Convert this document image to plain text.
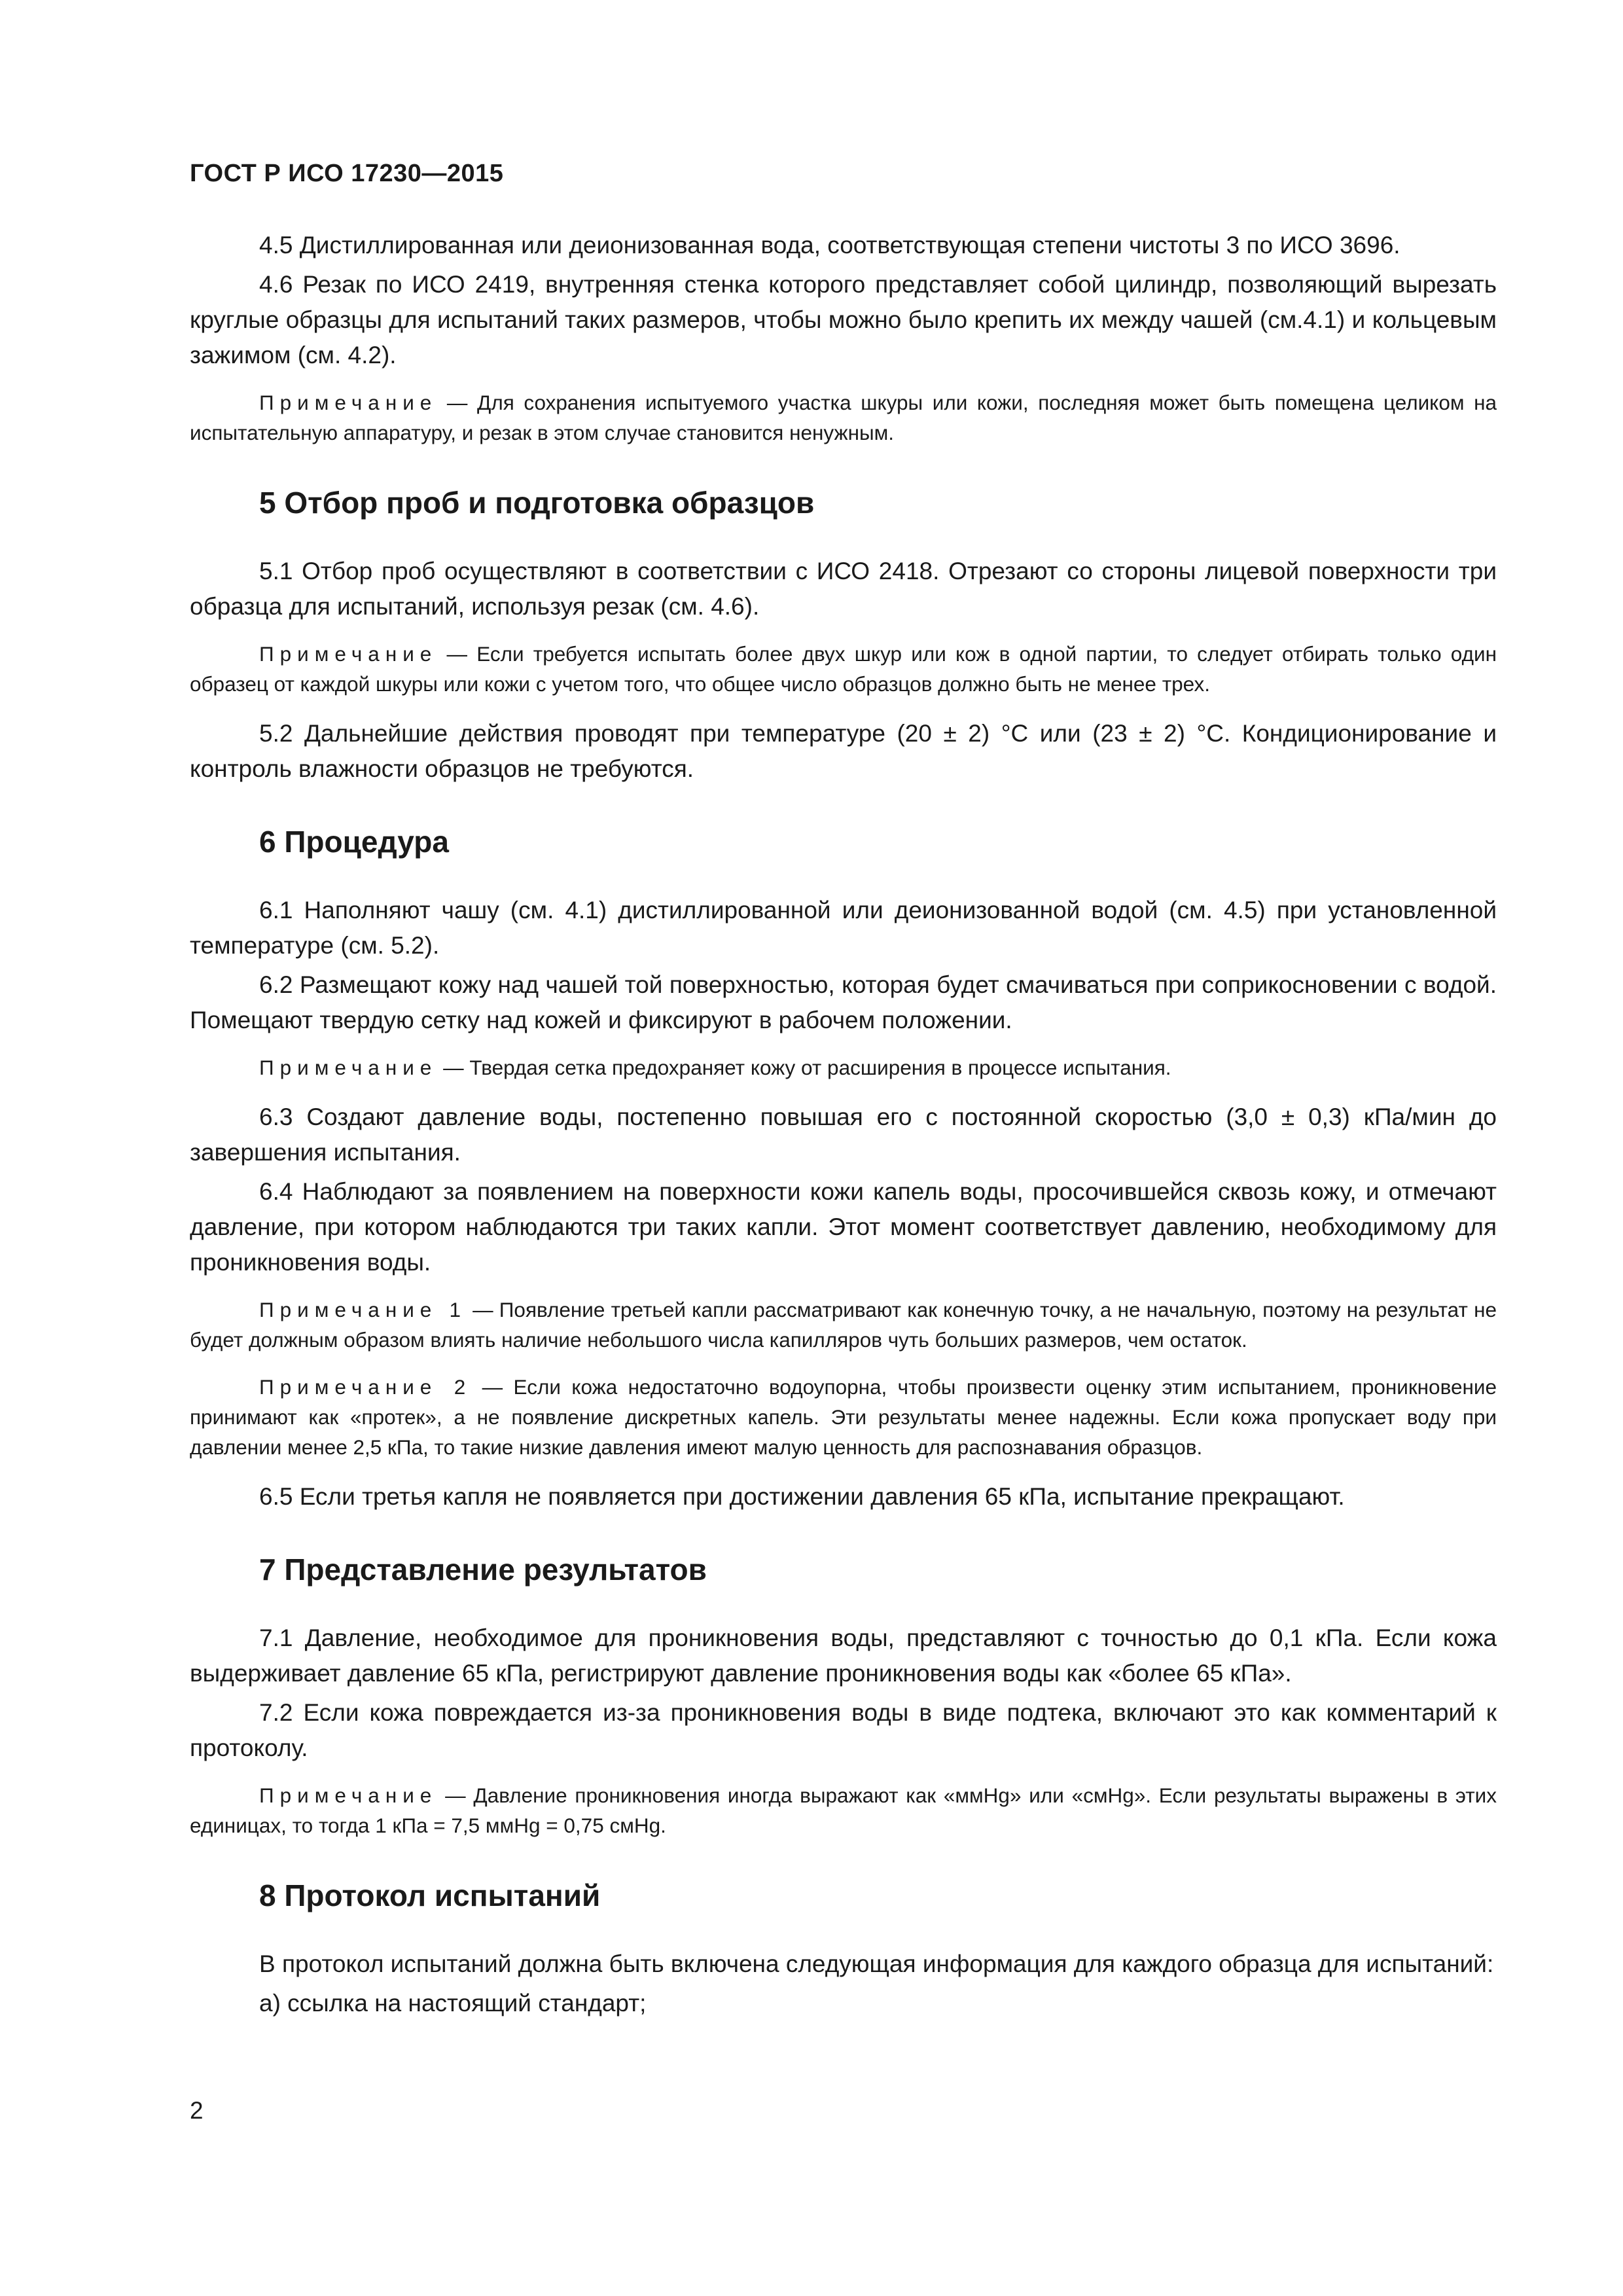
ГОСТ Р ИСО 17230—2015

4.5 Дистиллированная или деионизованная вода, соответствующая степени чистоты 3 по ИСО 3696.

4.6 Резак по ИСО 2419, внутренняя стенка которого представляет собой цилиндр, позволяющий вырезать круглые образцы для испытаний таких размеров, чтобы можно было крепить их между чашей (см.4.1) и кольцевым зажимом (см. 4.2).

Примечание — Для сохранения испытуемого участка шкуры или кожи, последняя может быть помещена целиком на испытательную аппаратуру, и резак в этом случае становится ненужным.

5 Отбор проб и подготовка образцов

5.1 Отбор проб осуществляют в соответствии с ИСО 2418. Отрезают со стороны лицевой поверхности три образца для испытаний, используя резак (см. 4.6).

Примечание — Если требуется испытать более двух шкур или кож в одной партии, то следует отбирать только один образец от каждой шкуры или кожи с учетом того, что общее число образцов должно быть не менее трех.

5.2 Дальнейшие действия проводят при температуре (20 ± 2) °С или (23 ± 2) °С. Кондиционирование и контроль влажности образцов не требуются.

6 Процедура

6.1 Наполняют чашу (см. 4.1) дистиллированной или деионизованной водой (см. 4.5) при установленной температуре (см. 5.2).

6.2 Размещают кожу над чашей той поверхностью, которая будет смачиваться при соприкосновении с водой. Помещают твердую сетку над кожей и фиксируют в рабочем положении.

Примечание — Твердая сетка предохраняет кожу от расширения в процессе испытания.

6.3 Создают давление воды, постепенно повышая его с постоянной скоростью (3,0 ± 0,3) кПа/мин до завершения испытания.

6.4 Наблюдают за появлением на поверхности кожи капель воды, просочившейся сквозь кожу, и отмечают давление, при котором наблюдаются три таких капли. Этот момент соответствует давлению, необходимому для проникновения воды.

Примечание 1 — Появление третьей капли рассматривают как конечную точку, а не начальную, поэтому на результат не будет должным образом влиять наличие небольшого числа капилляров чуть больших размеров, чем остаток.

Примечание 2 — Если кожа недостаточно водоупорна, чтобы произвести оценку этим испытанием, проникновение принимают как «протек», а не появление дискретных капель. Эти результаты менее надежны. Если кожа пропускает воду при давлении менее 2,5 кПа, то такие низкие давления имеют малую ценность для распознавания образцов.

6.5 Если третья капля не появляется при достижении давления 65 кПа, испытание прекращают.

7 Представление результатов

7.1 Давление, необходимое для проникновения воды, представляют с точностью до 0,1 кПа. Если кожа выдерживает давление 65 кПа, регистрируют давление проникновения воды как «более 65 кПа».

7.2 Если кожа повреждается из-за проникновения воды в виде подтека, включают это как комментарий к протоколу.

Примечание — Давление проникновения иногда выражают как «ммНg» или «смНg». Если результаты выражены в этих единицах, то тогда 1 кПа = 7,5 ммНg = 0,75 смНg.

8 Протокол испытаний

В протокол испытаний должна быть включена следующая информация для каждого образца для испытаний:

а) ссылка на настоящий стандарт;

2
